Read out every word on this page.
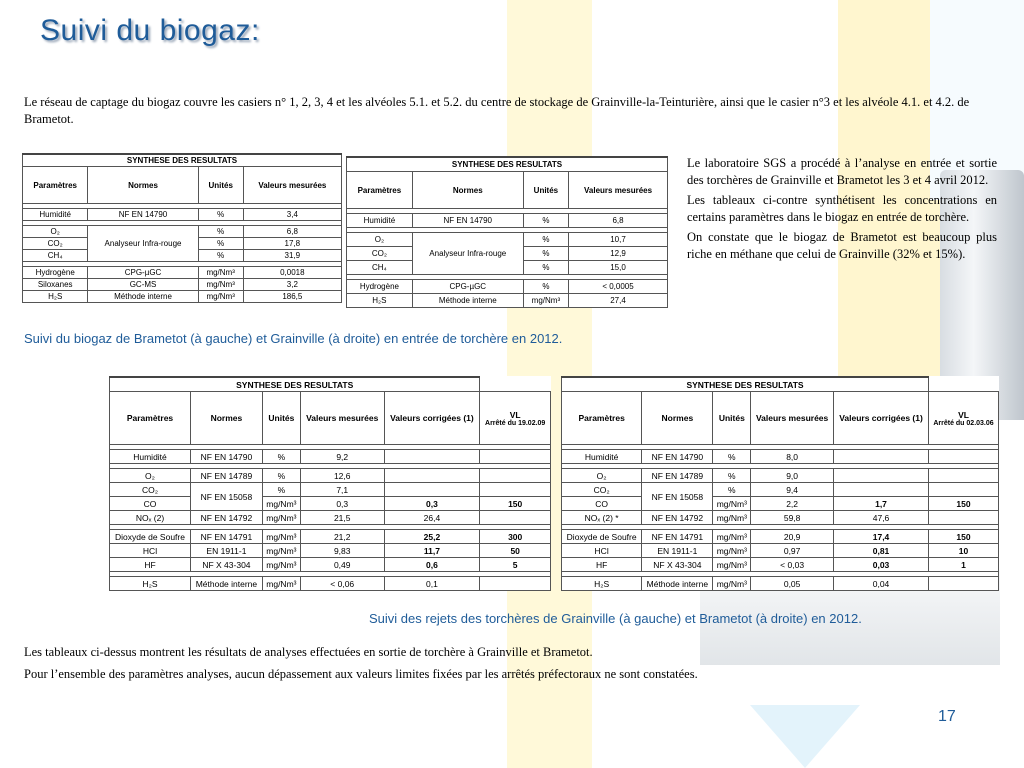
Suivi du biogaz:
Le réseau de captage du biogaz couvre les casiers n° 1, 2, 3, 4 et les alvéoles 5.1. et 5.2. du centre de stockage de Grainville-la-Teinturière, ainsi que le casier n°3 et les alvéole 4.1. et 4.2. de Brametot.
SYNTHESE DES RESULTATS			
Paramètres	Normes	Unités	Valeurs mesurées

Humidité	NF EN 14790	%	3,4

O₂	Analyseur Infra-rouge	%	6,8
CO₂		%	17,8
CH₄		%	31,9

Hydrogène	CPG-µGC	mg/Nm³	0,0018
Siloxanes	GC-MS	mg/Nm³	3,2
H₂S	Méthode interne	mg/Nm³	186,5
SYNTHESE DES RESULTATS			
Paramètres	Normes	Unités	Valeurs mesurées

Humidité	NF EN 14790	%	6,8

O₂	Analyseur Infra-rouge	%	10,7
CO₂		%	12,9
CH₄		%	15,0

Hydrogène	CPG-µGC	%	< 0,0005
H₂S	Méthode interne	mg/Nm³	27,4

Le laboratoire SGS a procédé à l’analyse en entrée et sortie des torchères de Grainville et Brametot les 3 et 4 avril 2012.

Les tableaux ci-contre synthétisent les concentrations en certains paramètres dans le biogaz en entrée de torchère.

On constate que le biogaz de Brametot est beaucoup plus riche en méthane que celui de Grainville (32% et 15%).

Suivi du biogaz de Brametot (à gauche) et Grainville (à droite) en entrée de torchère en 2012.
SYNTHESE DES RESULTATS					
Paramètres	Normes	Unités	Valeurs mesurées	Valeurs corrigées (1)	VL
Arrêté du 19.02.09

Humidité	NF EN 14790	%	9,2		

O₂	NF EN 14789	%	12,6		
CO₂	NF EN 15058	%	7,1		
CO		mg/Nm³	0,3	0,3	150
NOₓ (2)	NF EN 14792	mg/Nm³	21,5	26,4	

Dioxyde de Soufre	NF EN 14791	mg/Nm³	21,2	25,2	300
HCl	EN 1911-1	mg/Nm³	9,83	11,7	50
HF	NF X 43-304	mg/Nm³	0,49	0,6	5

H₂S	Méthode interne	mg/Nm³	< 0,06	0,1	
SYNTHESE DES RESULTATS					
Paramètres	Normes	Unités	Valeurs mesurées	Valeurs corrigées (1)	VL
Arrêté du 02.03.06

Humidité	NF EN 14790	%	8,0		

O₂	NF EN 14789	%	9,0		
CO₂	NF EN 15058	%	9,4		
CO		mg/Nm³	2,2	1,7	150
NOₓ (2) *	NF EN 14792	mg/Nm³	59,8	47,6	

Dioxyde de Soufre	NF EN 14791	mg/Nm³	20,9	17,4	150
HCl	EN 1911-1	mg/Nm³	0,97	0,81	10
HF	NF X 43-304	mg/Nm³	< 0,03	0,03	1

H₂S	Méthode interne	mg/Nm³	0,05	0,04	
Suivi des rejets des torchères de Grainville (à gauche) et Brametot (à droite) en 2012.

Les tableaux ci-dessus montrent les résultats de analyses effectuées en sortie de torchère à Grainville et Brametot.

Pour l’ensemble des paramètres analyses, aucun dépassement aux valeurs limites fixées par les arrêtés préfectoraux ne sont constatées.

17
